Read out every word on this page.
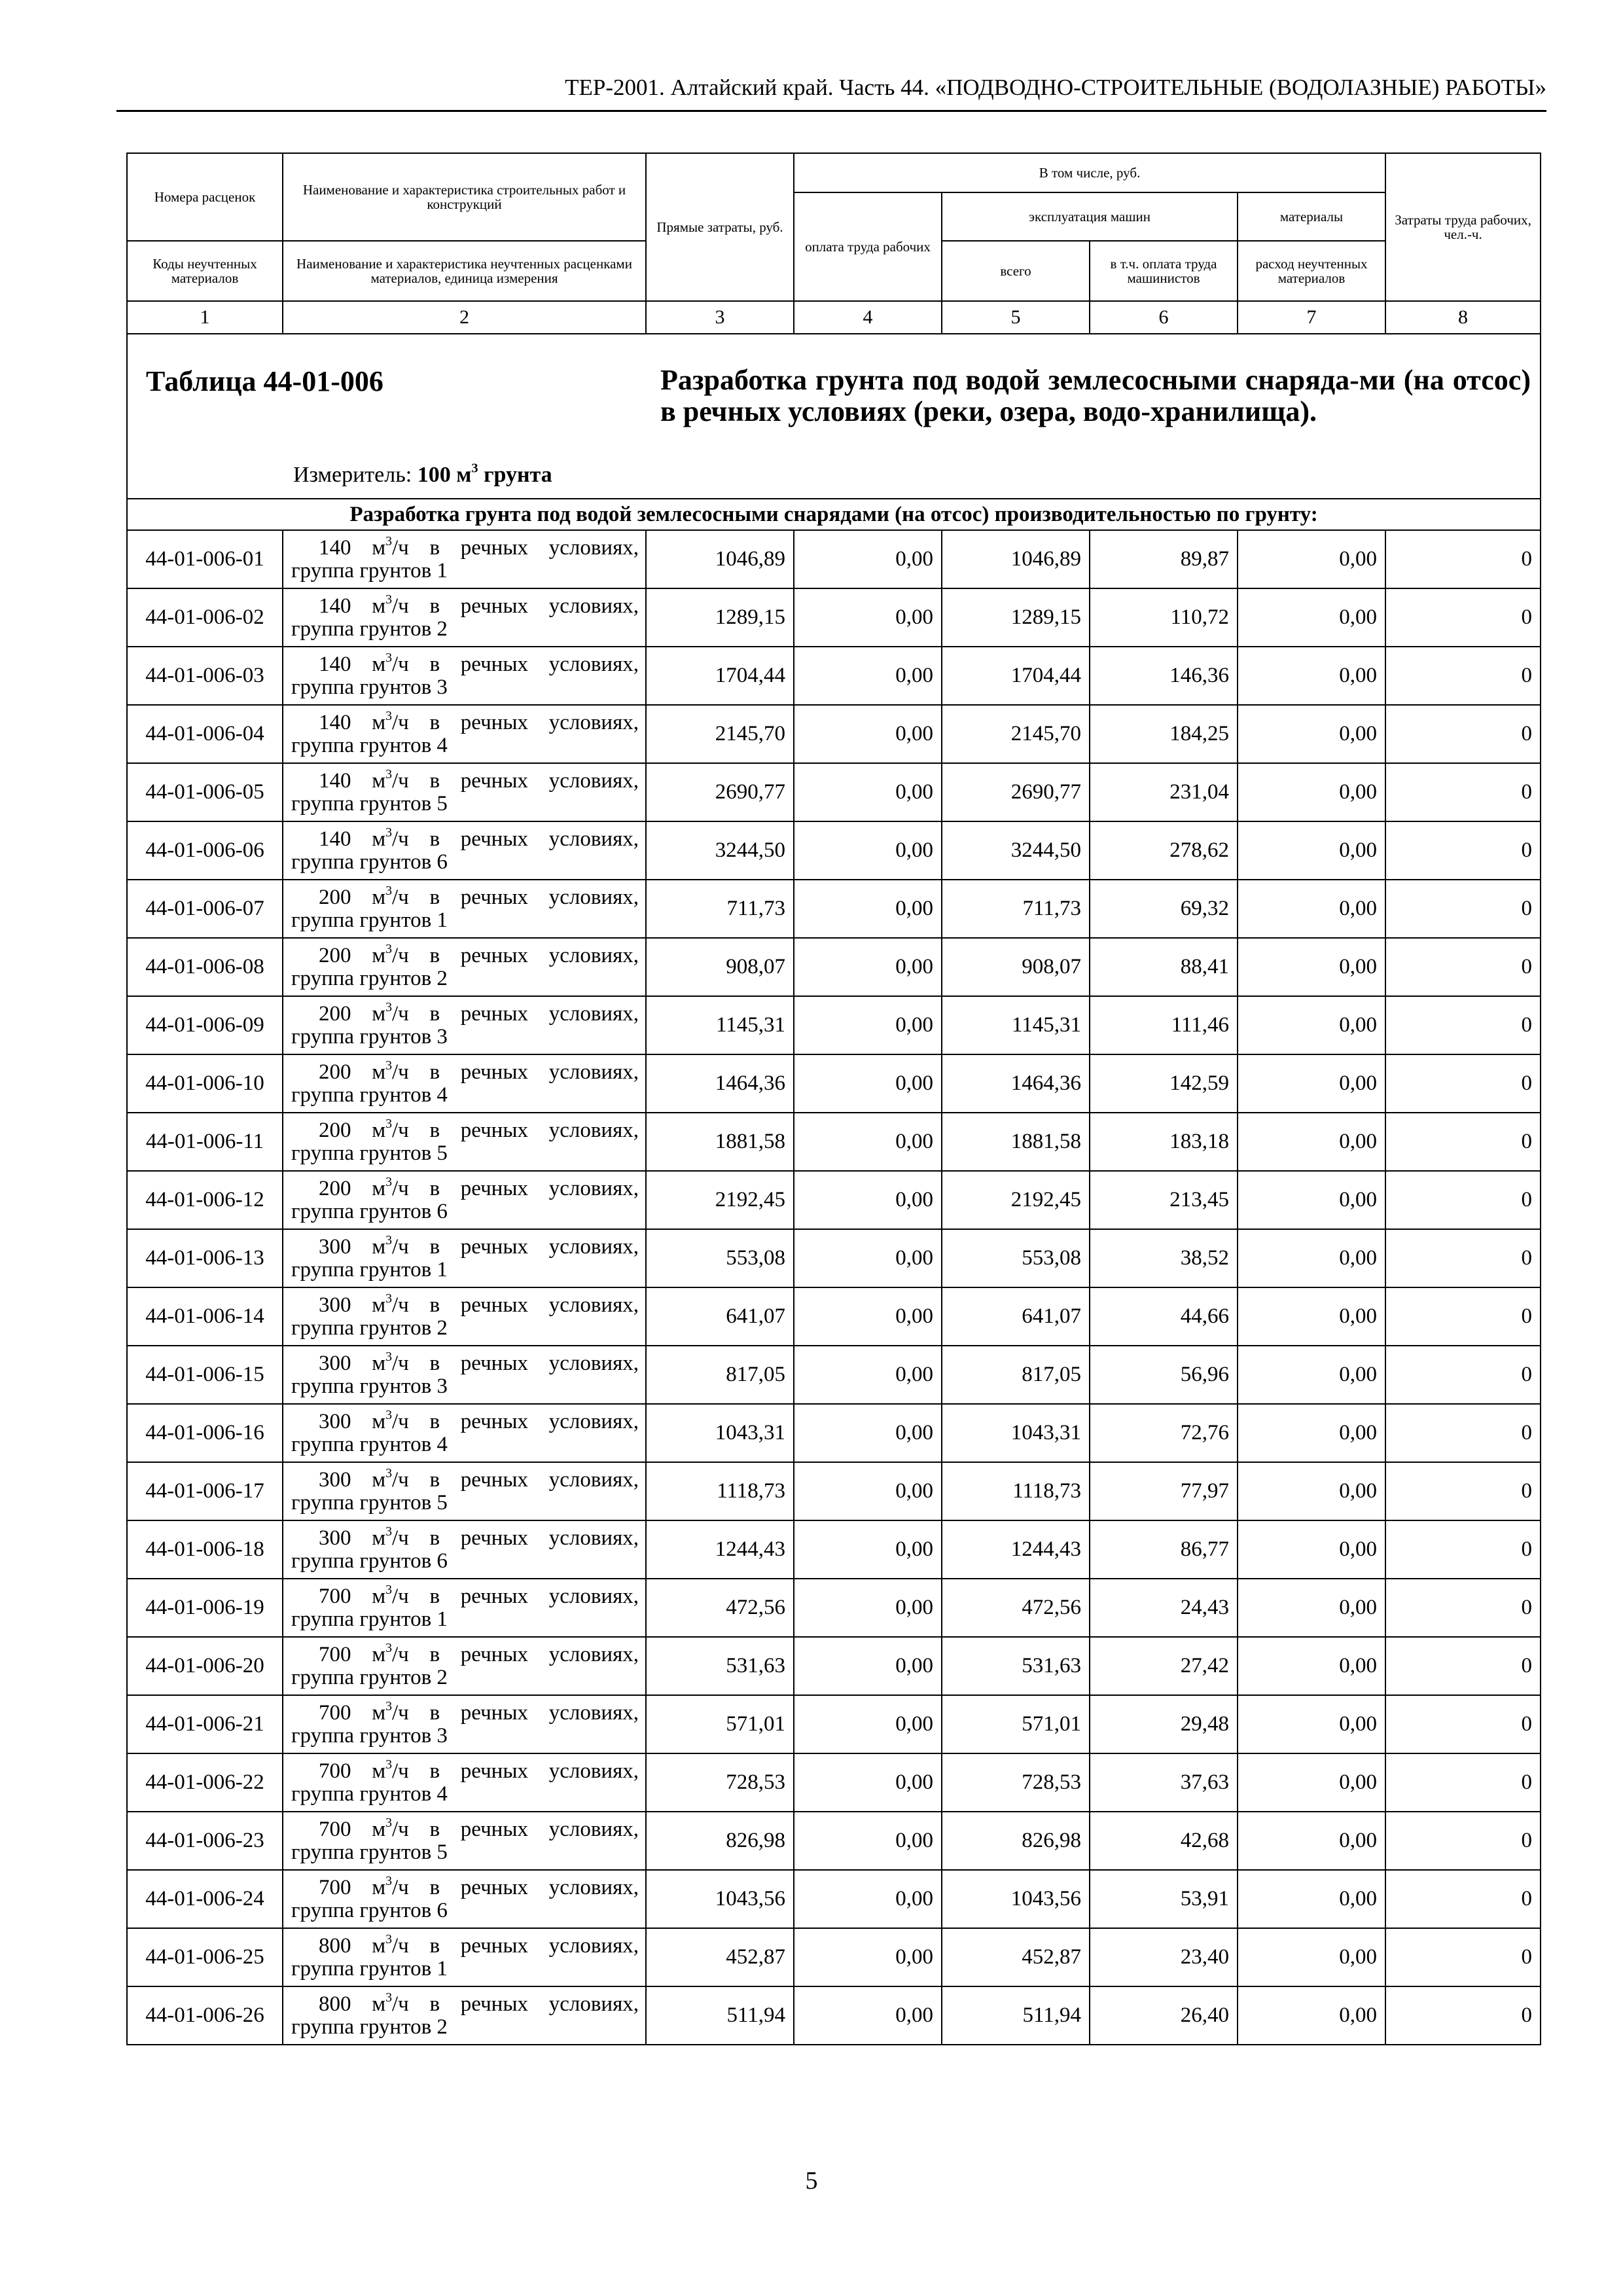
ТЕР-2001. Алтайский край. Часть 44. «ПОДВОДНО-СТРОИТЕЛЬНЫЕ (ВОДОЛАЗНЫЕ) РАБОТЫ»
Номера расценок	Наименование и характеристика строительных работ и конструкций	Прямые затраты, руб.	В том числе, руб.				Затраты труда рабочих, чел.-ч.
			оплата труда рабочих	эксплуатация машин		материалы	
Коды неучтенных материалов	Наименование и характеристика неучтенных расценками материалов, единица измерения			всего	в т.ч. оплата труда машинистов	расход неучтенных материалов	
1	2	3	4	5	6	7	8

Таблица 44-01-006 Разработка грунта под водой землесосными снаряда-ми (на отсос) в речных условиях (реки, озера, водо-хранилища).
Измеритель: 100 $м^3$ грунта							

Разработка грунта под водой землесосными снарядами (на отсос) производительностью по грунту:							
44-01-006-01	140 $м^3/ч$ в речных условиях,
группа грунтов 1	1046,89	0,00	1046,89	89,87	0,00	0
44-01-006-02	140 $м^3/ч$ в речных условиях,
группа грунтов 2	1289,15	0,00	1289,15	110,72	0,00	0
44-01-006-03	140 $м^3/ч$ в речных условиях,
группа грунтов 3	1704,44	0,00	1704,44	146,36	0,00	0
44-01-006-04	140 $м^3/ч$ в речных условиях,
группа грунтов 4	2145,70	0,00	2145,70	184,25	0,00	0
44-01-006-05	140 $м^3/ч$ в речных условиях,
группа грунтов 5	2690,77	0,00	2690,77	231,04	0,00	0
44-01-006-06	140 $м^3/ч$ в речных условиях,
группа грунтов 6	3244,50	0,00	3244,50	278,62	0,00	0
44-01-006-07	200 $м^3/ч$ в речных условиях,
группа грунтов 1	711,73	0,00	711,73	69,32	0,00	0
44-01-006-08	200 $м^3/ч$ в речных условиях,
группа грунтов 2	908,07	0,00	908,07	88,41	0,00	0
44-01-006-09	200 $м^3/ч$ в речных условиях,
группа грунтов 3	1145,31	0,00	1145,31	111,46	0,00	0
44-01-006-10	200 $м^3/ч$ в речных условиях,
группа грунтов 4	1464,36	0,00	1464,36	142,59	0,00	0
44-01-006-11	200 $м^3/ч$ в речных условиях,
группа грунтов 5	1881,58	0,00	1881,58	183,18	0,00	0
44-01-006-12	200 $м^3/ч$ в речных условиях,
группа грунтов 6	2192,45	0,00	2192,45	213,45	0,00	0
44-01-006-13	300 $м^3/ч$ в речных условиях,
группа грунтов 1	553,08	0,00	553,08	38,52	0,00	0
44-01-006-14	300 $м^3/ч$ в речных условиях,
группа грунтов 2	641,07	0,00	641,07	44,66	0,00	0
44-01-006-15	300 $м^3/ч$ в речных условиях,
группа грунтов 3	817,05	0,00	817,05	56,96	0,00	0
44-01-006-16	300 $м^3/ч$ в речных условиях,
группа грунтов 4	1043,31	0,00	1043,31	72,76	0,00	0
44-01-006-17	300 $м^3/ч$ в речных условиях,
группа грунтов 5	1118,73	0,00	1118,73	77,97	0,00	0
44-01-006-18	300 $м^3/ч$ в речных условиях,
группа грунтов 6	1244,43	0,00	1244,43	86,77	0,00	0
44-01-006-19	700 $м^3/ч$ в речных условиях,
группа грунтов 1	472,56	0,00	472,56	24,43	0,00	0
44-01-006-20	700 $м^3/ч$ в речных условиях,
группа грунтов 2	531,63	0,00	531,63	27,42	0,00	0
44-01-006-21	700 $м^3/ч$ в речных условиях,
группа грунтов 3	571,01	0,00	571,01	29,48	0,00	0
44-01-006-22	700 $м^3/ч$ в речных условиях,
группа грунтов 4	728,53	0,00	728,53	37,63	0,00	0
44-01-006-23	700 $м^3/ч$ в речных условиях,
группа грунтов 5	826,98	0,00	826,98	42,68	0,00	0
44-01-006-24	700 $м^3/ч$ в речных условиях,
группа грунтов 6	1043,56	0,00	1043,56	53,91	0,00	0
44-01-006-25	800 $м^3/ч$ в речных условиях,
группа грунтов 1	452,87	0,00	452,87	23,40	0,00	0
44-01-006-26	800 $м^3/ч$ в речных условиях,
группа грунтов 2	511,94	0,00	511,94	26,40	0,00	0
5
